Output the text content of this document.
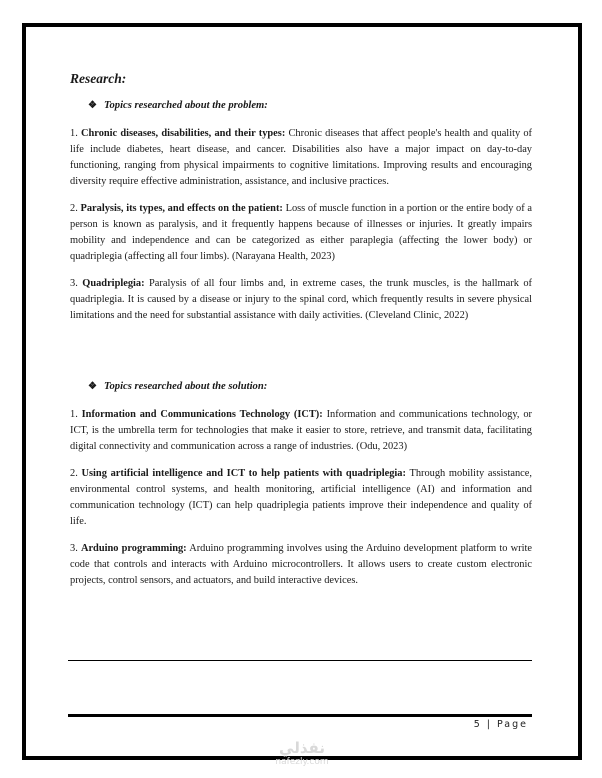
Research:
❖ Topics researched about the problem:

1. Chronic diseases, disabilities, and their types: Chronic diseases that affect people's health and quality of life include diabetes, heart disease, and cancer. Disabilities also have a major impact on day-to-day functioning, ranging from physical impairments to cognitive limitations. Improving results and encouraging diversity require effective administration, assistance, and inclusive practices.

2. Paralysis, its types, and effects on the patient: Loss of muscle function in a portion or the entire body of a person is known as paralysis, and it frequently happens because of illnesses or injuries. It greatly impairs mobility and independence and can be categorized as either paraplegia (affecting the lower body) or quadriplegia (affecting all four limbs). (Narayana Health, 2023)

3. Quadriplegia: Paralysis of all four limbs and, in extreme cases, the trunk muscles, is the hallmark of quadriplegia. It is caused by a disease or injury to the spinal cord, which frequently results in severe physical limitations and the need for substantial assistance with daily activities. (Cleveland Clinic, 2022)

❖ Topics researched about the solution:

1. Information and Communications Technology (ICT): Information and communications technology, or ICT, is the umbrella term for technologies that make it easier to store, retrieve, and transmit data, facilitating digital connectivity and communication across a range of industries. (Odu, 2023)

2. Using artificial intelligence and ICT to help patients with quadriplegia: Through mobility assistance, environmental control systems, and health monitoring, artificial intelligence (AI) and information and communication technology (ICT) can help quadriplegia patients improve their independence and quality of life.

3. Arduino programming: Arduino programming involves using the Arduino development platform to write code that controls and interacts with Arduino microcontrollers. It allows users to create custom electronic projects, control sensors, and actuators, and build interactive devices.

5 | Page
نفذلي
nafezly.com
